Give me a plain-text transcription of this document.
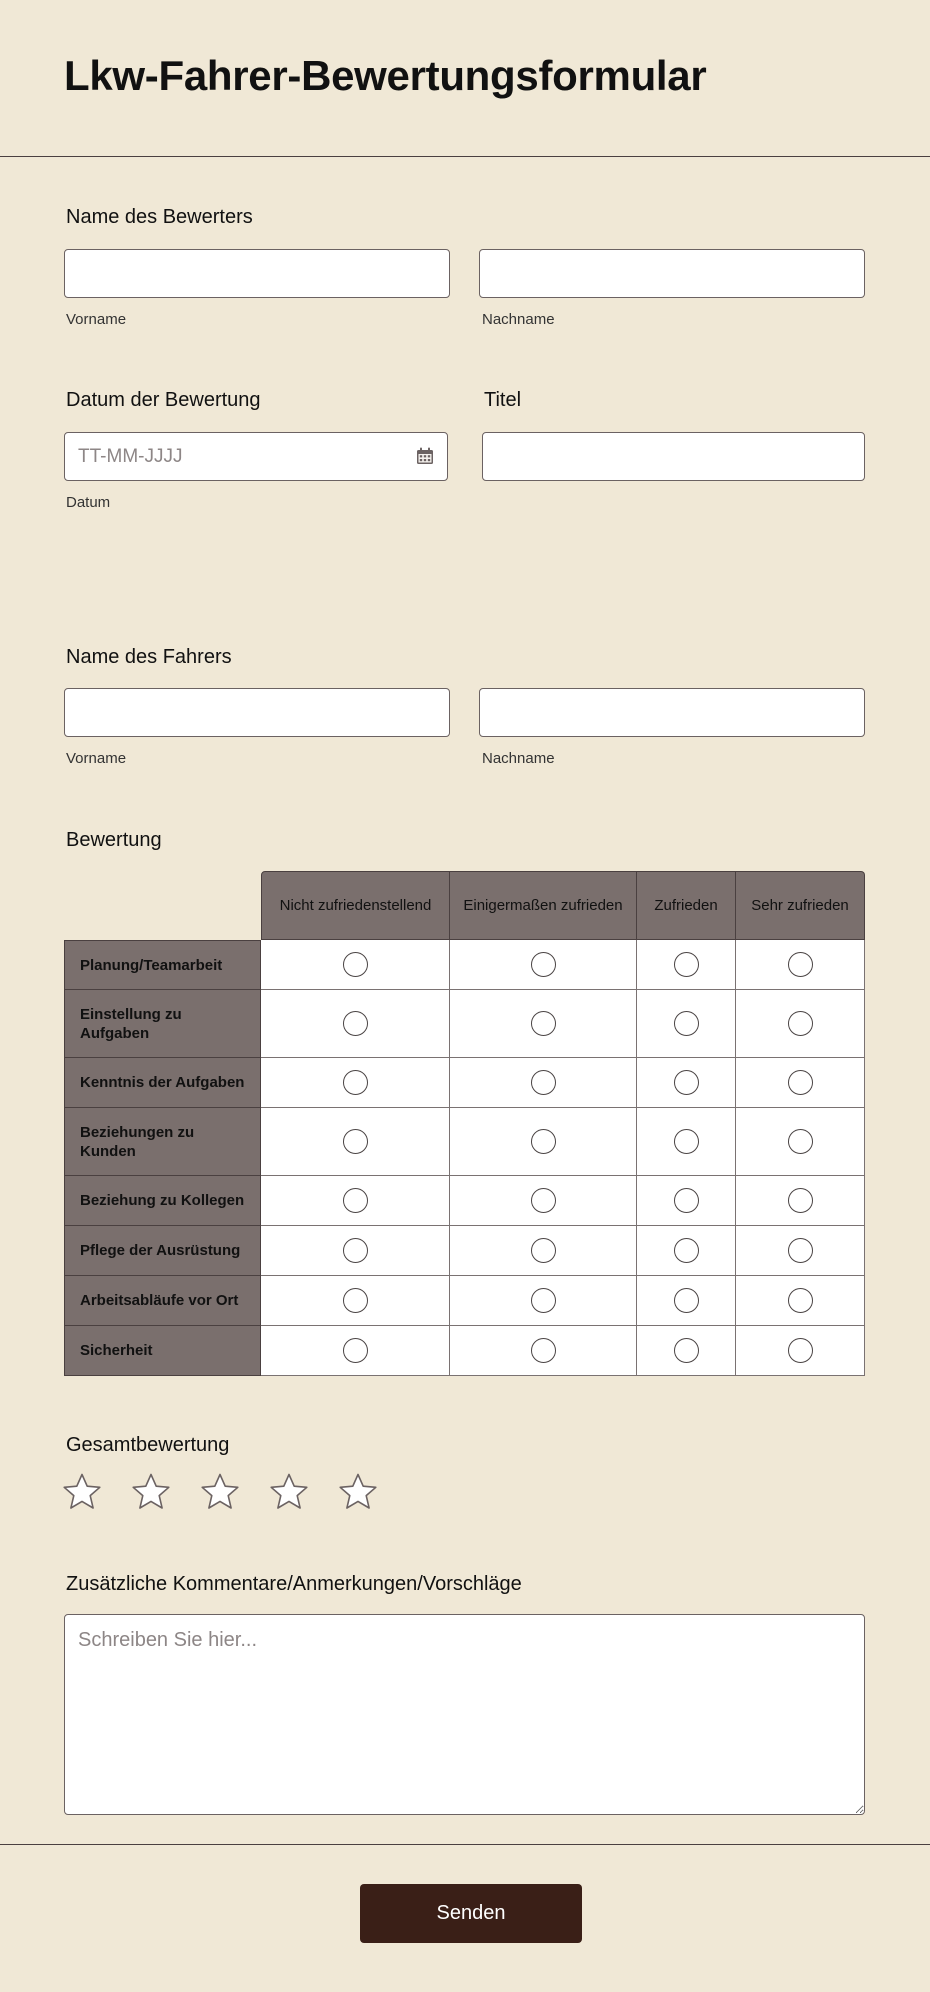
Lkw-Fahrer-Bewertungsformular
Name des Bewerters
Vorname	Nachname
Datum der Bewertung	Titel
TT-MM-JJJJ
Datum
Name des Fahrers
Vorname	Nachname
Bewertung
Nicht zufriedenstellend	Einigermaßen zufrieden	Zufrieden	Sehr zufrieden
Planung/Teamarbeit
Einstellung zu Aufgaben
Kenntnis der Aufgaben
Beziehungen zu Kunden
Beziehung zu Kollegen
Pflege der Ausrüstung
Arbeitsabläufe vor Ort
Sicherheit
Gesamtbewertung
Zusätzliche Kommentare/Anmerkungen/Vorschläge
Schreiben Sie hier...
Senden
